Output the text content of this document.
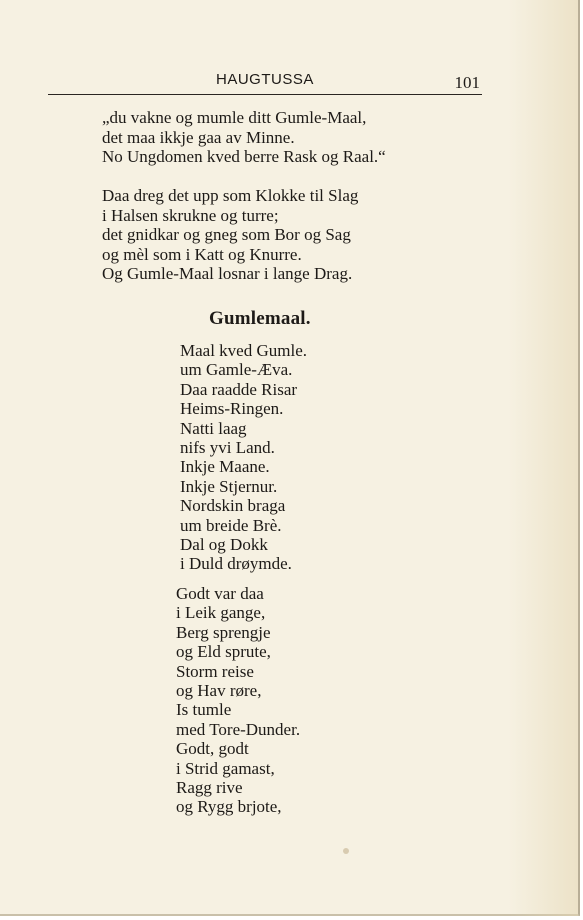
HAUGTUSSA	101
„du vakne og mumle ditt Gumle-Maal,
det maa ikkje gaa av Minne.
No Ungdomen kved berre Rask og Raal.“
Daa dreg det upp som Klokke til Slag
i Halsen skrukne og turre;
det gnidkar og gneg som Bor og Sag
og mèl som i Katt og Knurre.
Og Gumle-Maal losnar i lange Drag.
Gumlemaal.
Maal kved Gumle.
um Gamle-Æva.
Daa raadde Risar
Heims-Ringen.
Natti laag
nifs yvi Land.
Inkje Maane.
Inkje Stjernur.
Nordskin braga
um breide Brè.
Dal og Dokk
i Duld drøymde.
Godt var daa
i Leik gange,
Berg sprengje
og Eld sprute,
Storm reise
og Hav røre,
Is tumle
med Tore-Dunder.
Godt, godt
i Strid gamast,
Ragg rive
og Rygg brjote,
